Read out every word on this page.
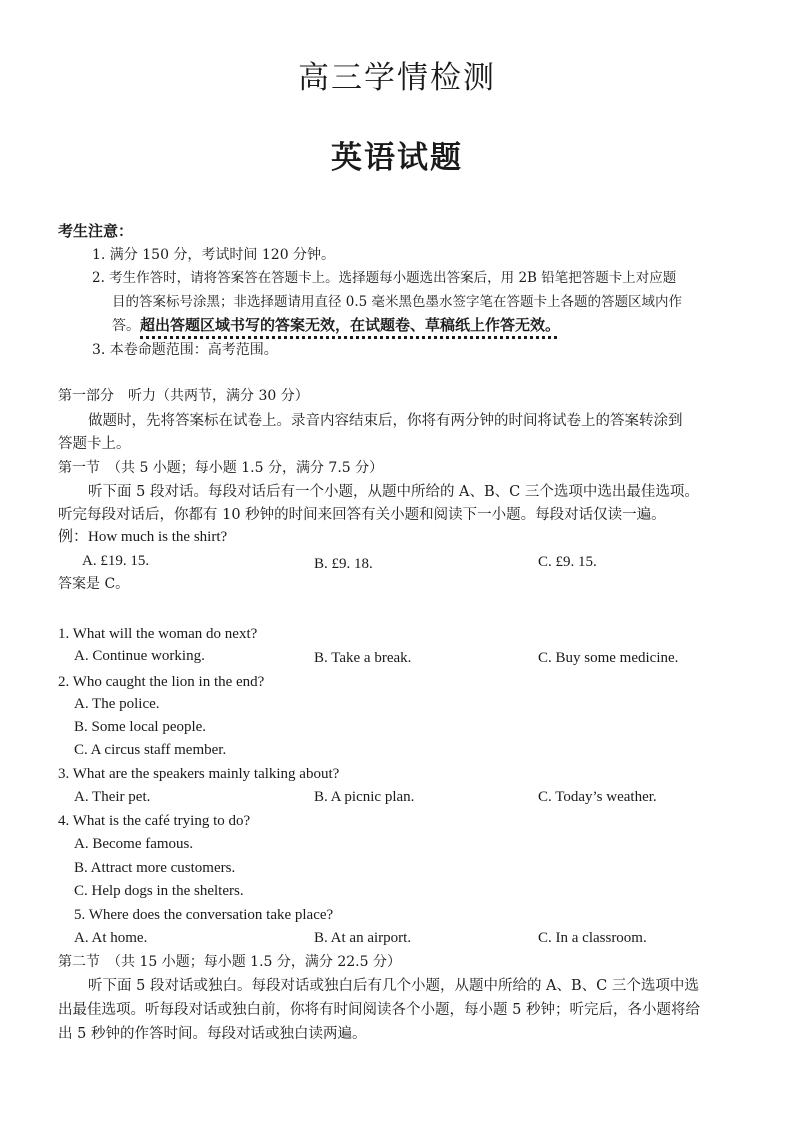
高三学情检测
英语试题
考生注意：
1. 满分 150 分，考试时间 120 分钟。
2. 考生作答时，请将答案答在答题卡上。选择题每小题选出答案后，用 2B 铅笔把答题卡上对应题
目的答案标号涂黑；非选择题请用直径 0.5 毫米黑色墨水签字笔在答题卡上各题的答题区域内作
答。超出答题区域书写的答案无效，在试题卷、草稿纸上作答无效。
3. 本卷命题范围：高考范围。
第一部分　听力（共两节，满分 30 分）
做题时，先将答案标在试卷上。录音内容结束后，你将有两分钟的时间将试卷上的答案转涂到
答题卡上。
第一节　（共 5 小题；每小题 1.5 分，满分 7.5 分）
听下面 5 段对话。每段对话后有一个小题，从题中所给的 A、B、C 三个选项中选出最佳选项。
听完每段对话后，你都有 10 秒钟的时间来回答有关小题和阅读下一小题。每段对话仅读一遍。
例：How much is the shirt?
A. £19. 15.	B. £9. 18.	C. £9. 15.
答案是 C。
1. What will the woman do next?
A. Continue working.	B. Take a break.	C. Buy some medicine.
2. Who caught the lion in the end?
A. The police.
B. Some local people.
C. A circus staff member.
3. What are the speakers mainly talking about?
A. Their pet.	B. A picnic plan.	C. Today’s weather.
4. What is the café trying to do?
A. Become famous.
B. Attract more customers.
C. Help dogs in the shelters.
5. Where does the conversation take place?
A. At home.	B. At an airport.	C. In a classroom.
第二节　（共 15 小题；每小题 1.5 分，满分 22.5 分）
听下面 5 段对话或独白。每段对话或独白后有几个小题，从题中所给的 A、B、C 三个选项中选
出最佳选项。听每段对话或独白前，你将有时间阅读各个小题，每小题 5 秒钟；听完后，各小题将给
出 5 秒钟的作答时间。每段对话或独白读两遍。
